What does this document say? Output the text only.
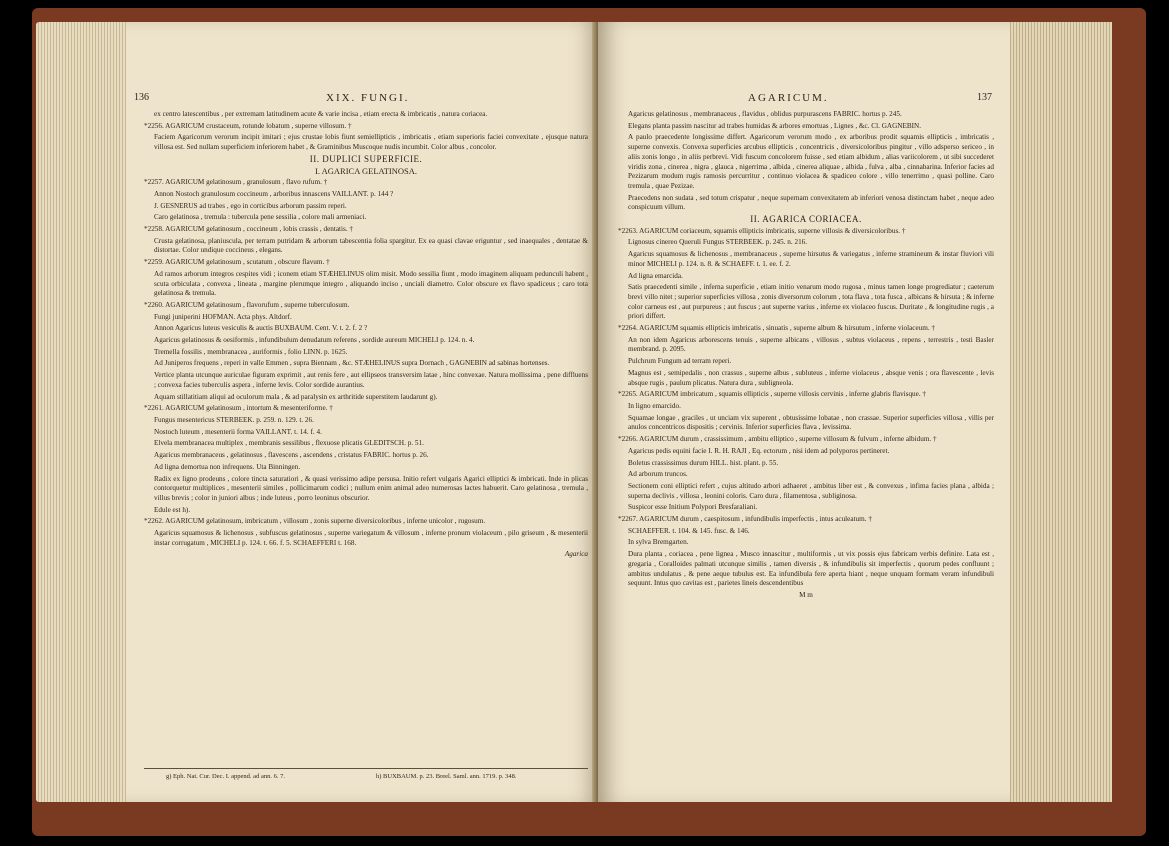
136	XIX. FUNGI.

ex centro latescentibus , per extremam latitudinem acute & varie incisa , etiam erecta & imbricatis , natura coriacea.

*2256. AGARICUM crustaceum, rotunde lobatum , superne villosum. †

Faciem Agaricorum verorum incipit imitari ; ejus crustae lobis fiunt semiellipticis , imbricatis , etiam superioris faciei convexitate , ejusque natura villosa est. Sed nullam superficiem inferiorem habet , & Graminibus Muscoque nudis incumbit. Color albus , concolor.

II. DUPLICI SUPERFICIE.

I. AGARICA GELATINOSA.

*2257. AGARICUM gelatinosum , granulosum , flavo rufum. †

Annon Nostoch granulosum coccineum , arboribus innascens VAILLANT. p. 144 ?

J. GESNERUS ad trabes , ego in corticibus arborum passim reperi.

Caro gelatinosa , tremula : tubercula pene sessilia , colore mali armeniaci.

*2258. AGARICUM gelatinosum , coccineum , lobis crassis , dentatis. †

Crusta gelatinosa, planiuscula, per terram putridam & arborum tabescentia folia spargitur. Ex ea quasi clavae eriguntur , sed inaequales , dentatae & distortae. Color undique coccineus , elegans.

*2259. AGARICUM gelatinosum , scutatum , obscure flavum. †

Ad ramos arborum integros cespites vidi ; iconem etiam STÆHELINUS olim misit. Modo sessilia fiunt , modo imaginem aliquam pedunculi habent , scuta orbiculata , convexa , lineata , margine plerumque integro , aliquando inciso , unciali diametro. Color obscure ex flavo spadiceus ; caro tota gelatinosa & tremula.

*2260. AGARICUM gelatinosum , flavorufum , superne tuberculosum.

Fungi juniperini HOFMAN. Acta phys. Altdorf.

Annon Agaricus luteus vesiculis & auctis BUXBAUM. Cent. V. t. 2. f. 2 ?

Agaricus gelatinosus & oesiformis , infundibulum denudatum referens , sordide aureum MICHELI p. 124. n. 4.

Tremella fossilis , membranacea , auriformis , folio LINN. p. 1625.

Ad Juniperos frequens , reperi in valle Emmen , supra Biennam , &c. STÆHELINUS supra Dornach , GAGNEBIN ad sabinas hortenses.

Vertice planta utcunque auriculae figuram exprimit , aut renis fere , aut ellipseos transversim latae , hinc convexae. Natura mollissima , pene diffluens ; convexa facies tuberculis aspera , inferne levis. Color sordide aurantius.

Aquam stillatitiam aliqui ad oculorum mala , & ad paralysin ex arthritide superstitem laudarunt g).

*2261. AGARICUM gelatinosum , intortum & mesenteriforme. †

Fungus mesentericus STERBEEK. p. 259. n. 129. t. 26.

Nostoch luteum , mesenterii forma VAILLANT. t. 14. f. 4.

Elvela membranacea multiplex , membranis sessilibus , flexuose plicatis GLEDITSCH. p. 51.

Agaricus membranaceus , gelatinosus , flavescens , ascendens , cristatus FABRIC. hortus p. 26.

Ad ligna demortua non infrequens. Uta Binningen.

Radix ex ligno prodeuns , colore tincta saturatiori , & quasi verissimo adipe persusa. Initio refert vulgaris Agarici elliptici & imbricati. Inde in plicas contorquetur multiplices , mesenterii similes , pollicimarum codici ; nullum enim animal adeo numerosas lactes habuerit. Caro gelatinosa , tremula , villus brevis ; color in juniori albus ; inde luteus , porro leoninus obscurior.

Edule est h).

*2262. AGARICUM gelatinosum, imbricatum , villosum , zonis superne diversicoloribus , inferne unicolor , rugosum.

Agaricus squamosus & lichenosus , subfuscus gelatinosus , superne variegatum & villosum , inferne pronum violaceum , pilo griseum , & mesenterii instar corrugatum , MICHELI p. 124. t. 66. f. 5. SCHAEFFERI t. 168.

Agarica

g) Eph. Nat. Cur. Dec. I. append. ad ann. 6. 7.	h) BUXBAUM. p. 23. Breel. Saml. ann. 1719. p. 348.
AGARICUM.	137

Agaricus gelatinosus , membranaceus , flavidus , oblidus purpurascens FABRIC. hortus p. 245.

Elegans planta passim nascitur ad trabes humidas & arbores emortuas , Lignes , &c. Cl. GAGNEBIN.

A paulo praecedente longissime differt. Agaricorum verorum modo , ex arboribus prodit squamis ellipticis , imbricatis , superne convexis. Convexa superficies arcubus ellipticis , concentricis , diversicoloribus pingitur , villo adsperso sericeo , in aliis zonis longo , in aliis perbrevi. Vidi fuscum concolorem fuisse , sed etiam albidum , alias variicolorem , ut sibi succederet viridis zona , cinerea , nigra , glauca , nigerrima , albida , cinerea aliquae , albida , fulva , alba , cinnabarina. Inferior facies ad Pezizarum modum rugis ramosis percurritur , continuo violacea & spadiceo colore , villo tenerrimo , quasi polline. Caro tremula , quae Pezizae.

Praecedens non sudata , sed totum crispatur , neque supernam convexitatem ab inferiori venosa distinctam habet , neque adeo conspicuum villum.

II. AGARICA CORIACEA.

*2263. AGARICUM coriaceum, squamis ellipticis imbricatis, superne villosis & diversicoloribus. †

Lignosus cinereo Queruli Fungus STERBEEK. p. 245. n. 216.

Agaricus squamosus & lichenosus , membranaceus , superne hirsutus & variegatus , inferne stramineum & instar fluviori vili minor MICHELI p. 124. n. 8. & SCHAEFF. t. 1. ee. f. 2.

Ad ligna emarcida.

Satis praecedenti simile , inferna superficie , etiam initio venarum modo rugosa , minus tamen longe progrediatur ; caeterum brevi villo nitet ; superior superficies villosa , zonis diversorum colorum , tota flava , tota fusca , albicans & hirsuta ; & inferne color carneus est , aut purpureus ; aut fuscus ; aut superne varius , inferne ex violaceo fuscus. Duritate , & longitudine rugis , a priori differt.

*2264. AGARICUM squamis ellipticis imbricatis , sinuatis , superne album & hirsutum , inferne violaceum. †

An non idem Agaricus arborescens tenuis , superne albicans , villosus , subtus violaceus , repens , terrestris , testi Basler membrand. p. 2095.

Pulchrum Fungum ad terram reperi.

Magnus est , semipedalis , non crassus , superne albus , subluteus , inferne violaceus , absque venis ; ora flavescente , levis absque rugis , paulum plicatus. Natura dura , subligneola.

*2265. AGARICUM imbricatum , squamis ellipticis , superne villosis cervinis , inferne glabris flavisque. †

In ligno emarcido.

Squamae longae , graciles , ut unciam vix superent , obtusissime lobatae , non crassae. Superior superficies villosa , villis per anulos concentricos dispositis ; cervinis. Inferior superficies flava , levissima.

*2266. AGARICUM durum , crassissimum , ambitu elliptico , superne villosum & fulvum , inferne albidum. †

Agaricus pedis equini facie I. R. H. RAJI , Eq. ectorum , nisi idem ad polyporos pertineret.

Boletus crassissimus durum HILL. hist. plant. p. 55.

Ad arborum truncos.

Sectionem coni elliptici refert , cujus altitudo arbori adhaeret , ambitus liber est , & convexus , infima facies plana , albida ; superna declivis , villosa , leonini coloris. Caro dura , filamentosa , subliginosa.

Suspicor esse Initium Polypori Bresfaraliani.

*2267. AGARICUM durum , caespitosum , infundibulis imperfectis , intus aculeatum. †

SCHAEFFER. t. 104. & 145. fusc. & 146.

In sylva Bremgarten.

Dura planta , coriacea , pene lignea , Musco innascitur , multiformis , ut vix possis ejus fabricam verbis definire. Lata est , gregaria , Coralloides palmati utcunque similis , tamen diversis , & infundibulis sit imperfectis , quorum pedes confluunt ; ambitus undulatus , & pene aeque tubulus est. Ea infundibula fere aperta hiant , neque unquam formam veram infundibuli sequunt. Intus quo cavitas est , parietes lineis descendentibus

M m
